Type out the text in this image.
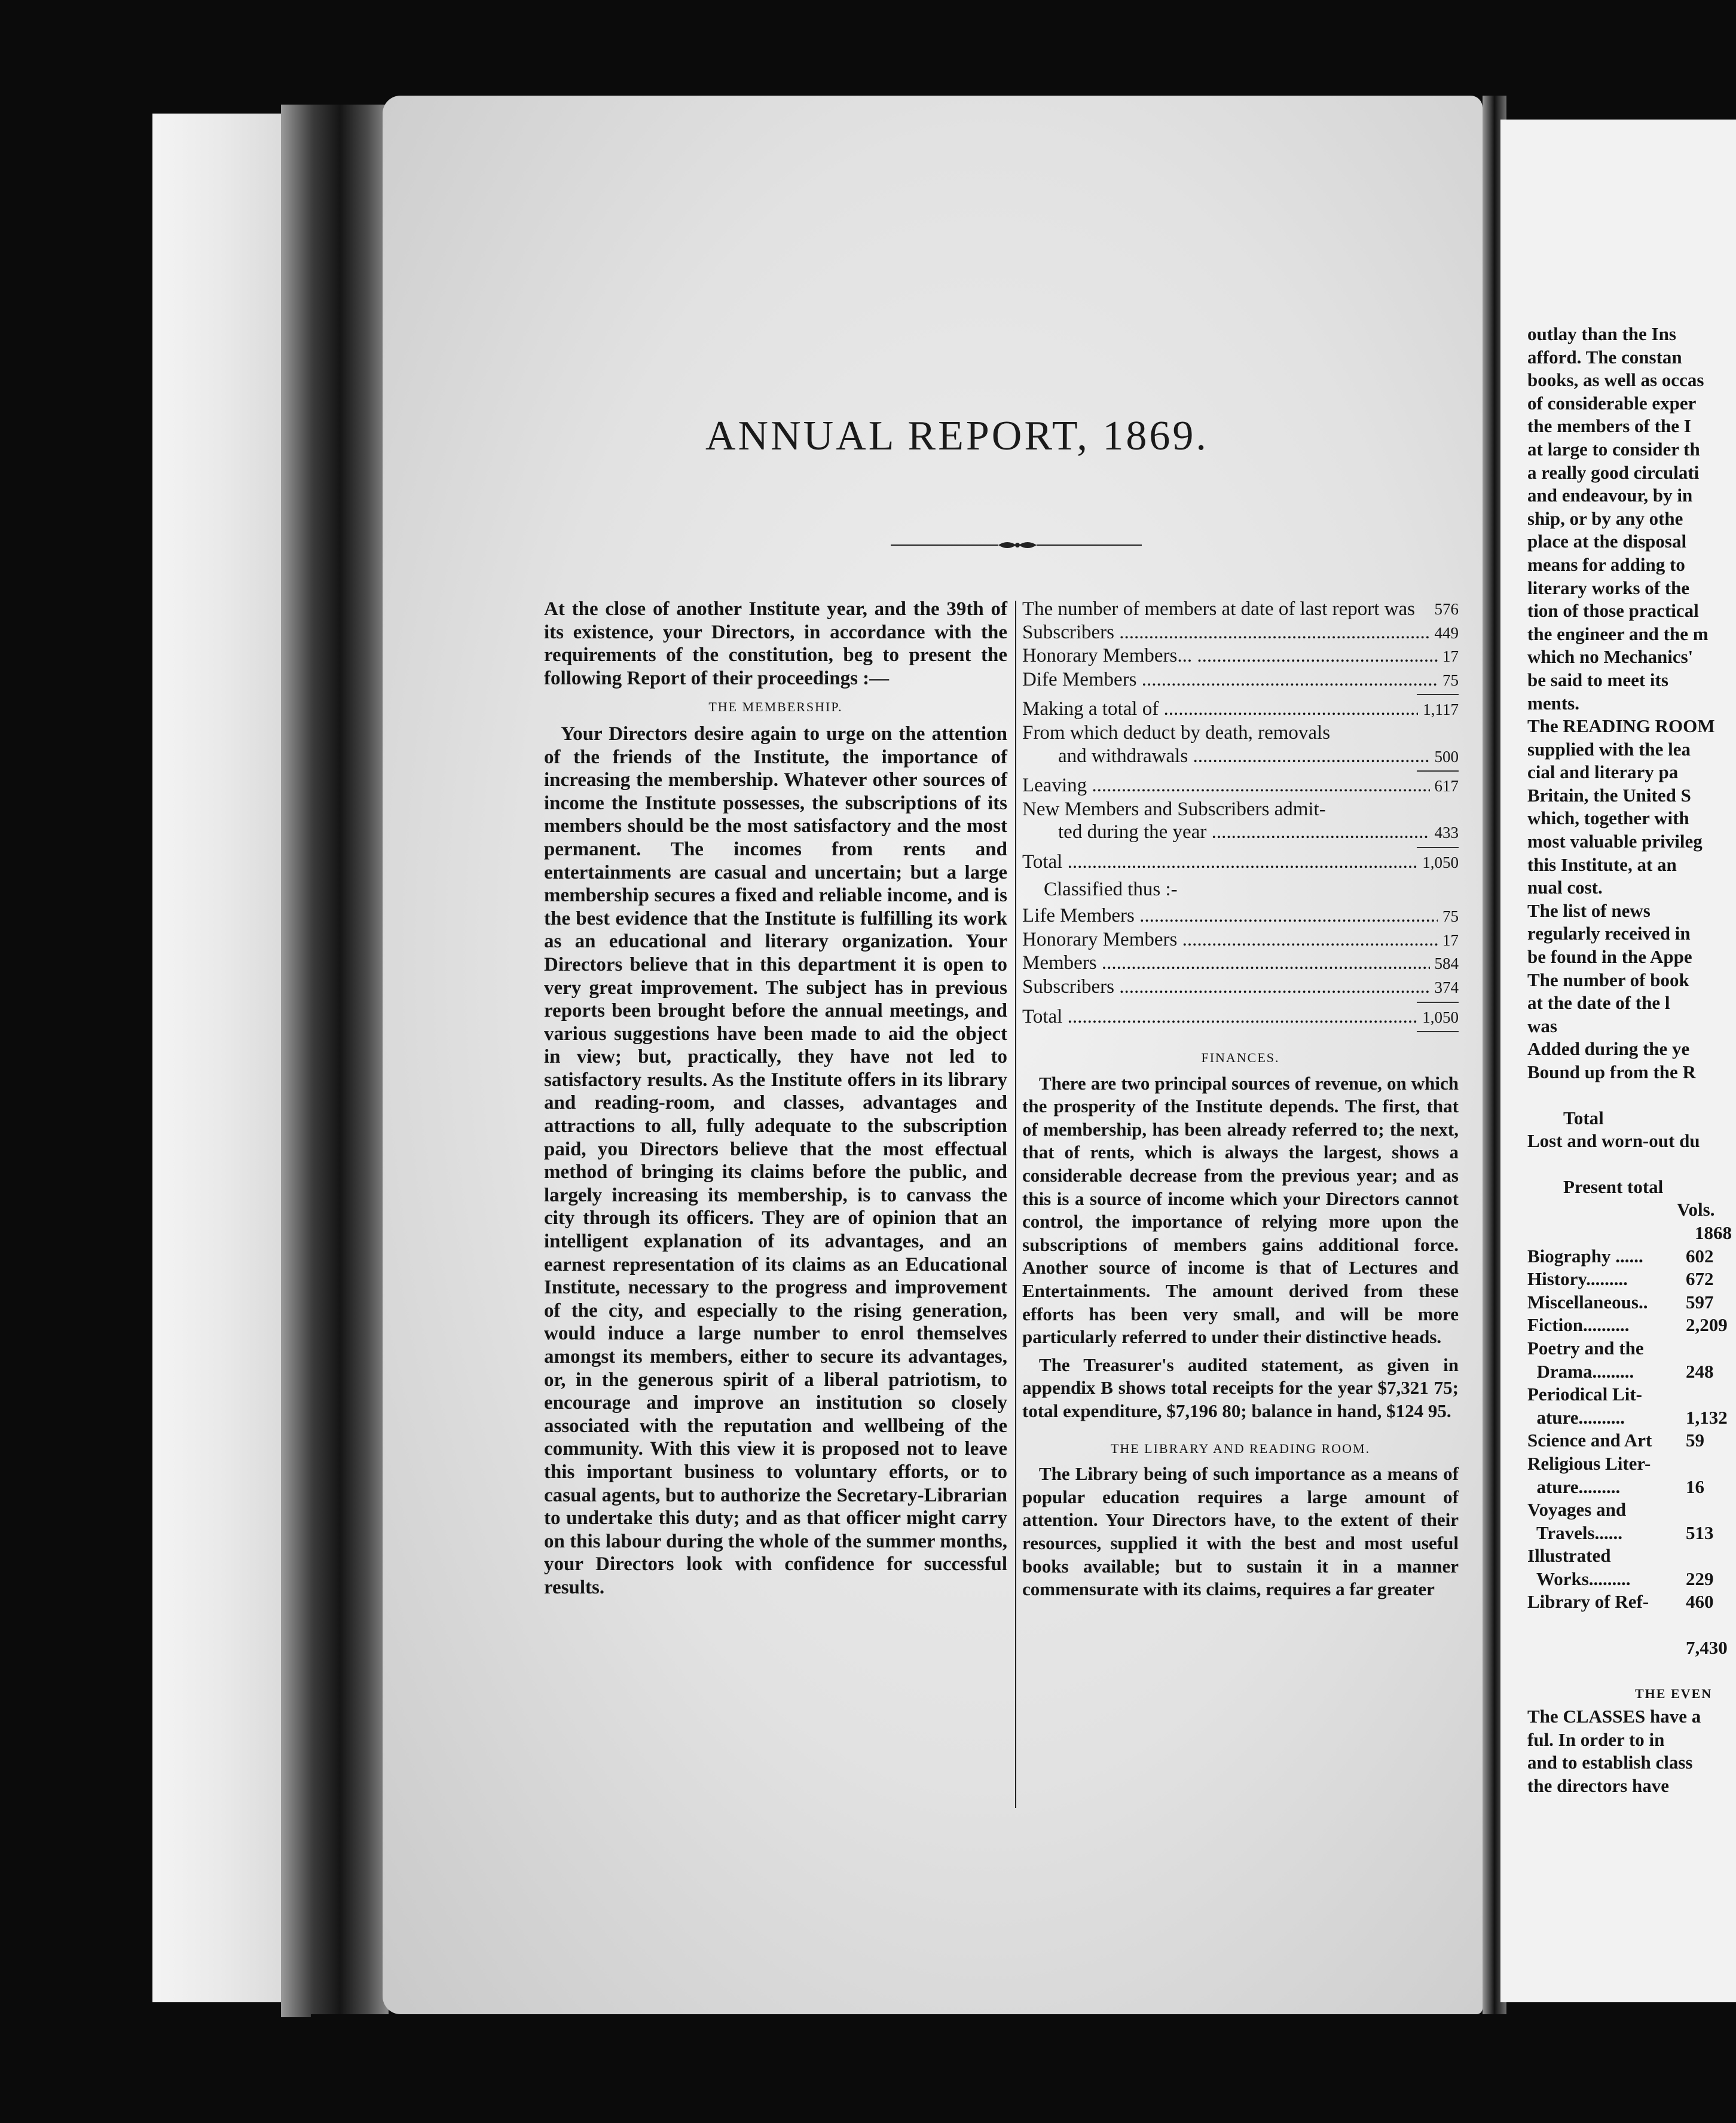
ANNUAL REPORT, 1869.

At the close of another Institute year, and the 39th of its existence, your Directors, in accordance with the requirements of the constitution, beg to present the following Report of their proceedings :—

THE MEMBERSHIP.

Your Directors desire again to urge on the attention of the friends of the Institute, the importance of increasing the membership. Whatever other sources of income the Institute possesses, the subscriptions of its members should be the most satisfactory and the most permanent. The incomes from rents and entertainments are casual and uncertain; but a large membership secures a fixed and reliable income, and is the best evidence that the Institute is fulfilling its work as an educational and literary organization. Your Directors believe that in this department it is open to very great improvement. The subject has in previous reports been brought before the annual meetings, and various suggestions have been made to aid the object in view; but, practically, they have not led to satisfactory results. As the Institute offers in its library and reading-room, and classes, advantages and attractions to all, fully adequate to the subscription paid, you Directors believe that the most effectual method of bringing its claims before the public, and largely increasing its membership, is to canvass the city through its officers. They are of opinion that an intelligent explanation of its advantages, and an earnest representation of its claims as an Educational Institute, necessary to the progress and improvement of the city, and especially to the rising generation, would induce a large number to enrol themselves amongst its members, either to secure its advantages, or, in the generous spirit of a liberal patriotism, to encourage and improve an institution so closely associated with the reputation and wellbeing of the community. With this view it is proposed not to leave this important business to voluntary efforts, or to casual agents, but to authorize the Secretary-Librarian to undertake this duty; and as that officer might carry on this labour during the whole of the summer months, your Directors look with confidence for successful results.

The number of members at date of last report was	576
Subscribers .....	449
Honorary Members... .....	17
Dife Members .....	75
Making a total of .....	1,117
From which deduct by death, removals
and withdrawals .....	500
Leaving .....	617
New Members and Subscribers admit-
ted during the year .....	433
Total .....	1,050
Classified thus :-
Life Members .....	75
Honorary Members .....	17
Members .....	584
Subscribers .....	374
Total .....	1,050
FINANCES.

There are two principal sources of revenue, on which the prosperity of the Institute depends. The first, that of membership, has been already referred to; the next, that of rents, which is always the largest, shows a considerable decrease from the previous year; and as this is a source of income which your Directors cannot control, the importance of relying more upon the subscriptions of members gains additional force. Another source of income is that of Lectures and Entertainments. The amount derived from these efforts has been very small, and will be more particularly referred to under their distinctive heads.

The Treasurer's audited statement, as given in appendix B shows total receipts for the year $7,321 75; total expenditure, $7,196 80; balance in hand, $124 95.

THE LIBRARY AND READING ROOM.

The Library being of such importance as a means of popular education requires a large amount of attention. Your Directors have, to the extent of their resources, supplied it with the best and most useful books available; but to sustain it in a manner commensurate with its claims, requires a far greater

outlay than the Ins
afford. The constan
books, as well as occas
of considerable exper
the members of the I
at large to consider th
a really good circulati
and endeavour, by in
ship, or by any othe
place at the disposal
means for adding to
literary works of the
tion of those practical
the engineer and the m
which no Mechanics'
be said to meet its
ments.
The READING ROOM
supplied with the lea
cial and literary pa
Britain, the United S
which, together with
most valuable privileg
this Institute, at an
nual cost.
The list of news
regularly received in
be found in the Appe
The number of book
at the date of the l
was
Added during the ye
Bound up from the R
Total
Lost and worn-out du
Present total
Vols.
1868
Biography ......	602
History.........	672
Miscellaneous..	597
Fiction..........	2,209
Poetry and the
Drama.........	248
Periodical Lit-
ature..........	1,132
Science and Art	59
Religious Liter-
ature.........	16
Voyages and
Travels......	513
Illustrated
Works.........	229
Library of Ref-	460
7,430
THE EVEN
The CLASSES have a
ful. In order to in
and to establish class
the directors have
